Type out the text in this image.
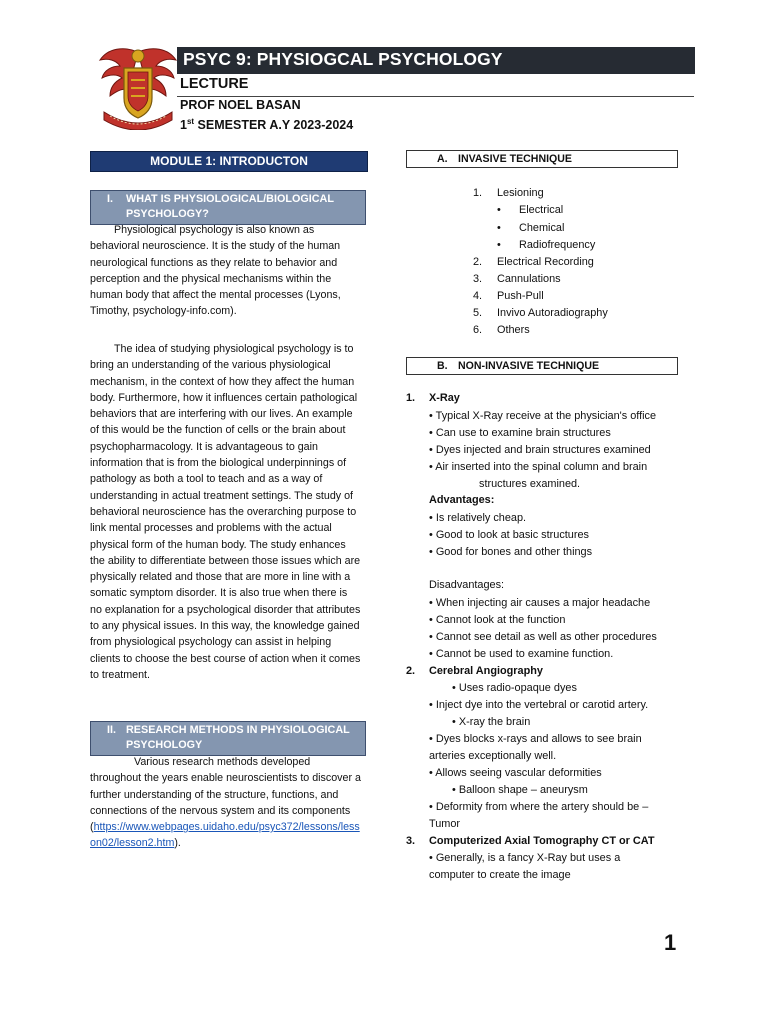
PSYC 9: PHYSIOGCAL PSYCHOLOGY
LECTURE
PROF NOEL BASAN
1st SEMESTER A.Y 2023-2024
MODULE 1: INTRODUCTON
I. WHAT IS PHYSIOLOGICAL/BIOLOGICAL PSYCHOLOGY?
Physiological psychology is also known as behavioral neuroscience. It is the study of the human neurological functions as they relate to behavior and perception and the physical mechanisms within the human body that affect the mental processes (Lyons, Timothy, psychology-info.com).
The idea of studying physiological psychology is to bring an understanding of the various physiological mechanism, in the context of how they affect the human body. Furthermore, how it influences certain pathological behaviors that are interfering with our lives. An example of this would be the function of cells or the brain about psychopharmacology. It is advantageous to gain information that is from the biological underpinnings of pathology as both a tool to teach and as a way of understanding in actual treatment settings. The study of behavioral neuroscience has the overarching purpose to link mental processes and problems with the actual physical form of the human body. The study enhances the ability to differentiate between those issues which are physically related and those that are more in line with a somatic symptom disorder. It is also true when there is no explanation for a psychological disorder that attributes to any physical issues. In this way, the knowledge gained from physiological psychology can assist in helping clients to choose the best course of action when it comes to treatment.
II. RESEARCH METHODS IN PHYSIOLOGICAL PSYCHOLOGY
Various research methods developed throughout the years enable neuroscientists to discover a further understanding of the structure, functions, and connections of the nervous system and its components (https://www.webpages.uidaho.edu/psyc372/lessons/lesson02/lesson2.htm).
A. INVASIVE TECHNIQUE
1. Lesioning
• Electrical
• Chemical
• Radiofrequency
2. Electrical Recording
3. Cannulations
4. Push-Pull
5. Invivo Autoradiography
6. Others
B. NON-INVASIVE TECHNIQUE
1. X-Ray
• Typical X-Ray receive at the physician's office
• Can use to examine brain structures
• Dyes injected and brain structures examined
• Air inserted into the spinal column and brain
structures examined.
Advantages:
• Is relatively cheap.
• Good to look at basic structures
• Good for bones and other things
Disadvantages:
• When injecting air causes a major headache
• Cannot look at the function
• Cannot see detail as well as other procedures
• Cannot be used to examine function.
2. Cerebral Angiography
• Uses radio-opaque dyes
• Inject dye into the vertebral or carotid artery.
• X-ray the brain
• Dyes blocks x-rays and allows to see brain
arteries exceptionally well.
• Allows seeing vascular deformities
• Balloon shape – aneurysm
• Deformity from where the artery should be –
Tumor
3. Computerized Axial Tomography CT or CAT
• Generally, is a fancy X-Ray but uses a
computer to create the image
1
